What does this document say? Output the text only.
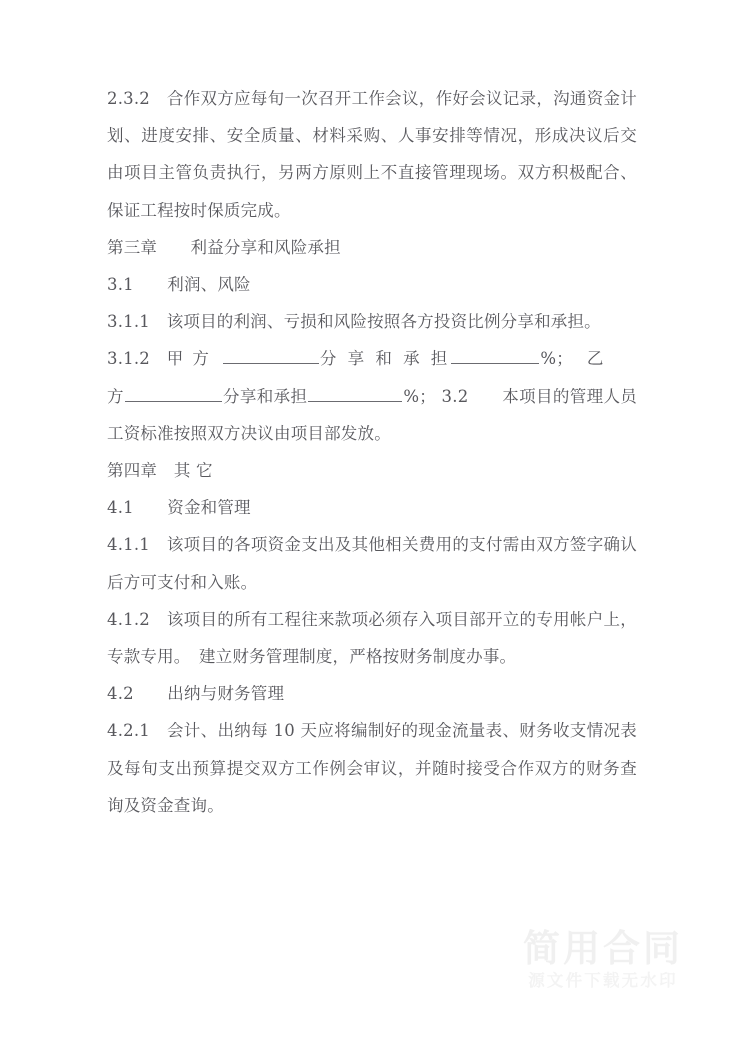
2.3.2　 合作双方应每旬一次召开工作会议，作好会议记录，沟通资金计划、进度安排、安全质量、材料采购、人事安排等情况，形成决议后交由项目主管负责执行，另两方原则上不直接管理现场。双方积极配合、保证工程按时保质完成。

第三章　　 利益分享和风险承担

3.1　　 利润、风险

3.1.1　 该项目的利润、亏损和风险按照各方投资比例分享和承担。

3.1.2　 甲 方	分 享 和 承 担	%；　 乙
方	分享和承担	%； 3.2　　 本项目的管理人员工资标准按照双方决议由项目部发放。

第四章　 其 它

4.1　　 资金和管理

4.1.1　 该项目的各项资金支出及其他相关费用的支付需由双方签字确认后方可支付和入账。

4.1.2　 该项目的所有工程往来款项必须存入项目部开立的专用帐户上，专款专用。　建立财务管理制度，严格按财务制度办事。

4.2　　 出纳与财务管理

4.2.1　 会计、出纳每 10 天应将编制好的现金流量表、财务收支情况表及每旬支出预算提交双方工作例会审议，并随时接受合作双方的财务查询及资金查询。

简用合同
源文件下载无水印
